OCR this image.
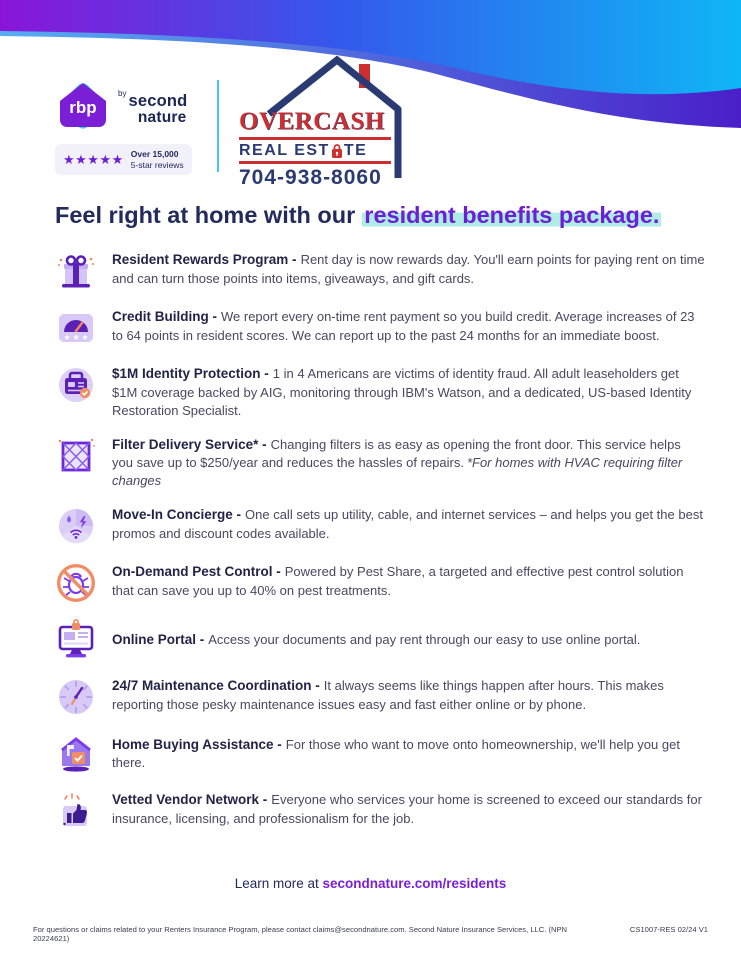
rbp
$^{by}$ second
nature
★★★★★ Over 15,000
5-star reviews
OVERCASH
REAL EST TE
704-938-8060
Feel right at home with our resident benefits package.

Resident Rewards Program - Rent day is now rewards day. You'll earn points for paying rent on time and can turn those points into items, giveaways, and gift cards.

★ ★ ★

Credit Building - We report every on-time rent payment so you build credit. Average increases of 23 to 64 points in resident scores. We can report up to the past 24 months for an immediate boost.

$1M Identity Protection - 1 in 4 Americans are victims of identity fraud. All adult leaseholders get $1M coverage backed by AIG, monitoring through IBM's Watson, and a dedicated, US-based Identity Restoration Specialist.

Filter Delivery Service* - Changing filters is as easy as opening the front door. This service helps you save up to $250/year and reduces the hassles of repairs. *For homes with HVAC requiring filter changes

Move-In Concierge - One call sets up utility, cable, and internet services – and helps you get the best promos and discount codes available.

On-Demand Pest Control - Powered by Pest Share, a targeted and effective pest control solution that can save you up to 40% on pest treatments.

Online Portal - Access your documents and pay rent through our easy to use online portal.

24/7 Maintenance Coordination - It always seems like things happen after hours. This makes reporting those pesky maintenance issues easy and fast either online or by phone.

Home Buying Assistance - For those who want to move onto homeownership, we'll help you get there.

Vetted Vendor Network - Everyone who services your home is screened to exceed our standards for insurance, licensing, and professionalism for the job.

Learn more at secondnature.com/residents

For questions or claims related to your Renters Insurance Program, please contact claims@secondnature.com. Second Nature Insurance Services, LLC. (NPN 20224621)
CS1007-RES 02/24 V1
